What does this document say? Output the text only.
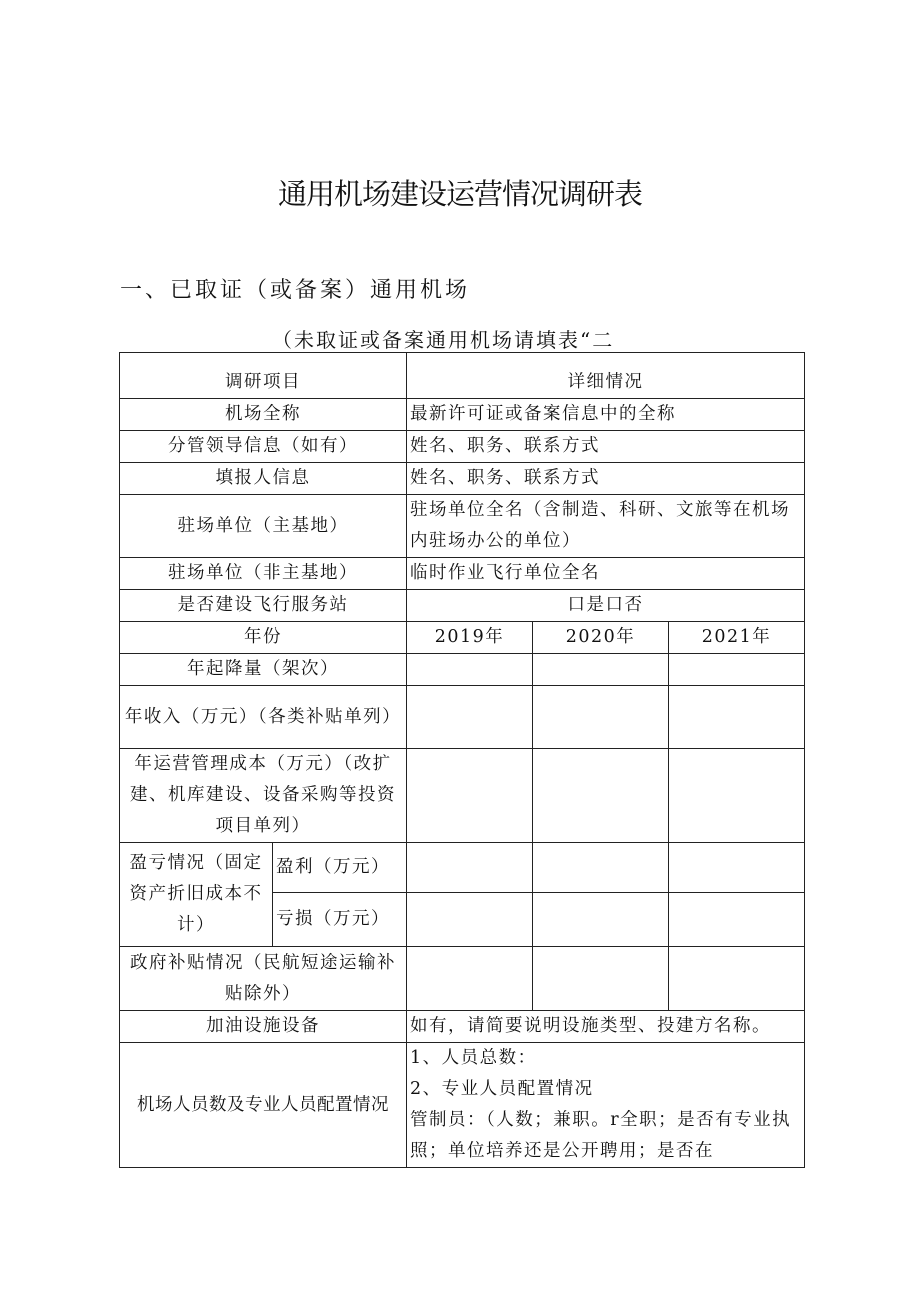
通用机场建设运营情况调研表
一、已取证（或备案）通用机场
（未取证或备案通用机场请填表“二
调研项目		详细情况		
机场全称		最新许可证或备案信息中的全称		
分管领导信息（如有）		姓名、职务、联系方式		
填报人信息		姓名、职务、联系方式		
驻场单位（主基地）		驻场单位全名（含制造、科研、文旅等在机场内驻场办公的单位）		
驻场单位（非主基地）		临时作业飞行单位全名		
是否建设飞行服务站		口是口否		
年份		2019年	2020年	2021年
年起降量（架次）				
年收入（万元）（各类补贴单列）				
年运营管理成本（万元）（改扩建、机库建设、设备采购等投资项目单列）				
盈亏情况（固定资产折旧成本不计）	盈利（万元）			
	亏损（万元）			
政府补贴情况（民航短途运输补贴除外）				
加油设施设备		如有，请简要说明设施类型、投建方名称。		
机场人员数及专业人员配置情况		1、人员总数：
2、专业人员配置情况
管制员：（人数；兼职。r全职；是否有专业执照；单位培养还是公开聘用；是否在		
